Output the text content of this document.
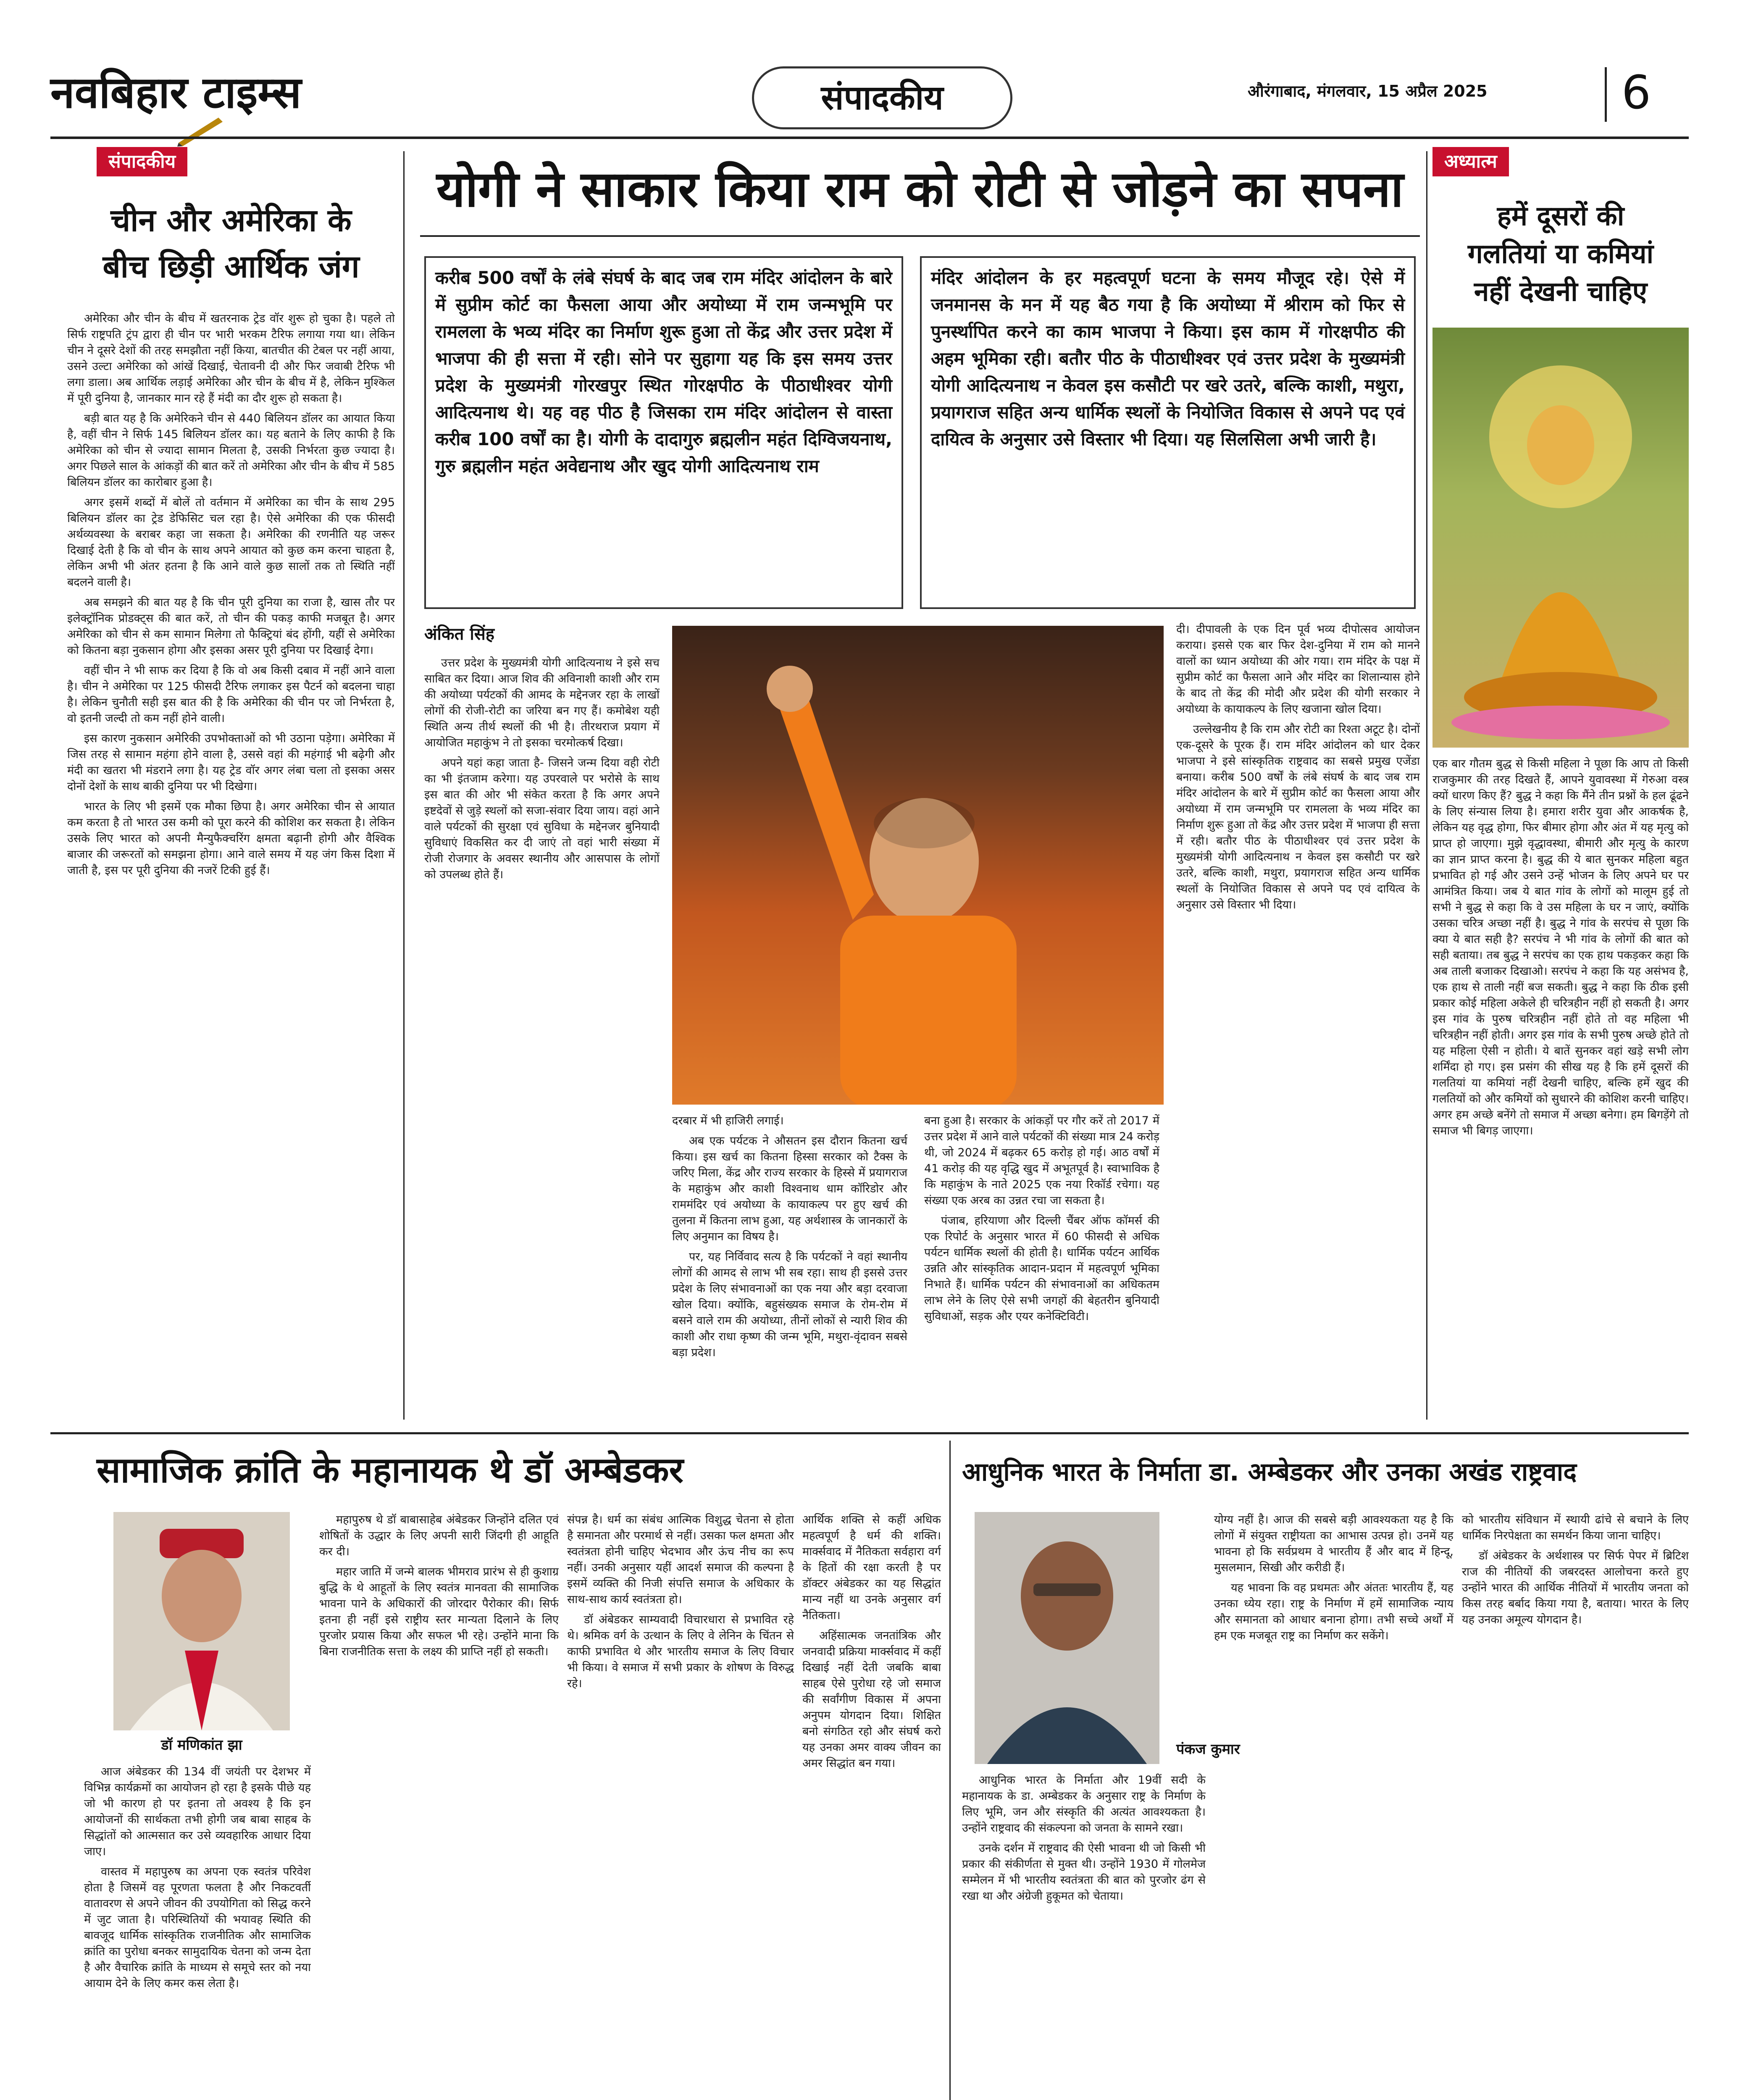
नवबिहार टाइम्स	संपादकीय	औरंगाबाद, मंगलवार, 15 अप्रैल 2025	6
संपादकीय
चीन और अमेरिका के
बीच छिड़ी आर्थिक जंग

अमेरिका और चीन के बीच में खतरनाक ट्रेड वॉर शुरू हो चुका है। पहले तो सिर्फ राष्ट्रपति ट्रंप द्वारा ही चीन पर भारी भरकम टैरिफ लगाया गया था। लेकिन चीन ने दूसरे देशों की तरह समझौता नहीं किया, बातचीत की टेबल पर नहीं आया, उसने उल्टा अमेरिका को आंखें दिखाई, चेतावनी दी और फिर जवाबी टैरिफ भी लगा डाला। अब आर्थिक लड़ाई अमेरिका और चीन के बीच में है, लेकिन मुश्किल में पूरी दुनिया है, जानकार मान रहे हैं मंदी का दौर शुरू हो सकता है।

बड़ी बात यह है कि अमेरिकने चीन से 440 बिलियन डॉलर का आयात किया है, वहीं चीन ने सिर्फ 145 बिलियन डॉलर का। यह बताने के लिए काफी है कि अमेरिका को चीन से ज्यादा सामान मिलता है, उसकी निर्भरता कुछ ज्यादा है। अगर पिछले साल के आंकड़ों की बात करें तो अमेरिका और चीन के बीच में 585 बिलियन डॉलर का कारोबार हुआ है।

अगर इसमें शब्दों में बोलें तो वर्तमान में अमेरिका का चीन के साथ 295 बिलियन डॉलर का ट्रेड डेफिसिट चल रहा है। ऐसे अमेरिका की एक फीसदी अर्थव्यवस्था के बराबर कहा जा सकता है। अमेरिका की रणनीति यह जरूर दिखाई देती है कि वो चीन के साथ अपने आयात को कुछ कम करना चाहता है, लेकिन अभी भी अंतर हतना है कि आने वाले कुछ सालों तक तो स्थिति नहीं बदलने वाली है।

अब समझने की बात यह है कि चीन पूरी दुनिया का राजा है, खास तौर पर इलेक्ट्रॉनिक प्रोडक्ट्स की बात करें, तो चीन की पकड़ काफी मजबूत है। अगर अमेरिका को चीन से कम सामान मिलेगा तो फैक्ट्रियां बंद होंगी, यहीं से अमेरिका को कितना बड़ा नुकसान होगा और इसका असर पूरी दुनिया पर दिखाई देगा।

वहीं चीन ने भी साफ कर दिया है कि वो अब किसी दबाव में नहीं आने वाला है। चीन ने अमेरिका पर 125 फीसदी टैरिफ लगाकर इस पैटर्न को बदलना चाहा है। लेकिन चुनौती सही इस बात की है कि अमेरिका की चीन पर जो निर्भरता है, वो इतनी जल्दी तो कम नहीं होने वाली।

इस कारण नुकसान अमेरिकी उपभोक्ताओं को भी उठाना पड़ेगा। अमेरिका में जिस तरह से सामान महंगा होने वाला है, उससे वहां की महंगाई भी बढ़ेगी और मंदी का खतरा भी मंडराने लगा है। यह ट्रेड वॉर अगर लंबा चला तो इसका असर दोनों देशों के साथ बाकी दुनिया पर भी दिखेगा।

भारत के लिए भी इसमें एक मौका छिपा है। अगर अमेरिका चीन से आयात कम करता है तो भारत उस कमी को पूरा करने की कोशिश कर सकता है। लेकिन उसके लिए भारत को अपनी मैन्युफैक्चरिंग क्षमता बढ़ानी होगी और वैश्विक बाजार की जरूरतों को समझना होगा। आने वाले समय में यह जंग किस दिशा में जाती है, इस पर पूरी दुनिया की नजरें टिकी हुई हैं।

योगी ने साकार किया राम को रोटी से जोड़ने का सपना
करीब 500 वर्षों के लंबे संघर्ष के बाद जब राम मंदिर आंदोलन के बारे में सुप्रीम कोर्ट का फैसला आया और अयोध्या में राम जन्मभूमि पर रामलला के भव्य मंदिर का निर्माण शुरू हुआ तो केंद्र और उत्तर प्रदेश में भाजपा की ही सत्ता में रही। सोने पर सुहागा यह कि इस समय उत्तर प्रदेश के मुख्यमंत्री गोरखपुर स्थित गोरक्षपीठ के पीठाधीश्वर योगी आदित्यनाथ थे। यह वह पीठ है जिसका राम मंदिर आंदोलन से वास्ता करीब 100 वर्षों का है। योगी के दादागुरु ब्रह्मलीन महंत दिग्विजयनाथ, गुरु ब्रह्मलीन महंत अवेद्यनाथ और खुद योगी आदित्यनाथ राम
मंदिर आंदोलन के हर महत्वपूर्ण घटना के समय मौजूद रहे। ऐसे में जनमानस के मन में यह बैठ गया है कि अयोध्या में श्रीराम को फिर से पुनर्स्थापित करने का काम भाजपा ने किया। इस काम में गोरक्षपीठ की अहम भूमिका रही। बतौर पीठ के पीठाधीश्वर एवं उत्तर प्रदेश के मुख्यमंत्री योगी आदित्यनाथ न केवल इस कसौटी पर खरे उतरे, बल्कि काशी, मथुरा, प्रयागराज सहित अन्य धार्मिक स्थलों के नियोजित विकास से अपने पद एवं दायित्व के अनुसार उसे विस्तार भी दिया। यह सिलसिला अभी जारी है।
अंकित सिंह

उत्तर प्रदेश के मुख्यमंत्री योगी आदित्यनाथ ने इसे सच साबित कर दिया। आज शिव की अविनाशी काशी और राम की अयोध्या पर्यटकों की आमद के मद्देनजर रहा के लाखों लोगों की रोजी-रोटी का जरिया बन गए हैं। कमोबेश यही स्थिति अन्य तीर्थ स्थलों की भी है। तीरथराज प्रयाग में आयोजित महाकुंभ ने तो इसका चरमोत्कर्ष दिखा।

अपने यहां कहा जाता है- जिसने जन्म दिया वही रोटी का भी इंतजाम करेगा। यह उपरवाले पर भरोसे के साथ इस बात की ओर भी संकेत करता है कि अगर अपने इष्टदेवों से जुड़े स्थलों को सजा-संवार दिया जाय। वहां आने वाले पर्यटकों की सुरक्षा एवं सुविधा के मद्देनजर बुनियादी सुविधाएं विकसित कर दी जाएं तो वहां भारी संख्या में रोजी रोजगार के अवसर स्थानीय और आसपास के लोगों को उपलब्ध होते हैं।

दरबार में भी हाजिरी लगाई।

अब एक पर्यटक ने औसतन इस दौरान कितना खर्च किया। इस खर्च का कितना हिस्सा सरकार को टैक्स के जरिए मिला, केंद्र और राज्य सरकार के हिस्से में प्रयागराज के महाकुंभ और काशी विश्वनाथ धाम कॉरिडोर और राममंदिर एवं अयोध्या के कायाकल्प पर हुए खर्च की तुलना में कितना लाभ हुआ, यह अर्थशास्त्र के जानकारों के लिए अनुमान का विषय है।

पर, यह निर्विवाद सत्य है कि पर्यटकों ने वहां स्थानीय लोगों की आमद से लाभ भी सब रहा। साथ ही इससे उत्तर प्रदेश के लिए संभावनाओं का एक नया और बड़ा दरवाजा खोल दिया। क्योंकि, बहुसंख्यक समाज के रोम-रोम में बसने वाले राम की अयोध्या, तीनों लोकों से न्यारी शिव की काशी और राधा कृष्ण की जन्म भूमि, मथुरा-वृंदावन सबसे बड़ा प्रदेश।

बना हुआ है। सरकार के आंकड़ों पर गौर करें तो 2017 में उत्तर प्रदेश में आने वाले पर्यटकों की संख्या मात्र 24 करोड़ थी, जो 2024 में बढ़कर 65 करोड़ हो गई। आठ वर्षों में 41 करोड़ की यह वृद्धि खुद में अभूतपूर्व है। स्वाभाविक है कि महाकुंभ के नाते 2025 एक नया रिकॉर्ड रचेगा। यह संख्या एक अरब का उन्नत रचा जा सकता है।

पंजाब, हरियाणा और दिल्ली चैंबर ऑफ कॉमर्स की एक रिपोर्ट के अनुसार भारत में 60 फीसदी से अधिक पर्यटन धार्मिक स्थलों की होती है। धार्मिक पर्यटन आर्थिक उन्नति और सांस्कृतिक आदान-प्रदान में महत्वपूर्ण भूमिका निभाते हैं। धार्मिक पर्यटन की संभावनाओं का अधिकतम लाभ लेने के लिए ऐसे सभी जगहों की बेहतरीन बुनियादी सुविधाओं, सड़क और एयर कनेक्टिविटी।

दी। दीपावली के एक दिन पूर्व भव्य दीपोत्सव आयोजन कराया। इससे एक बार फिर देश-दुनिया में राम को मानने वालों का ध्यान अयोध्या की ओर गया। राम मंदिर के पक्ष में सुप्रीम कोर्ट का फैसला आने और मंदिर का शिलान्यास होने के बाद तो केंद्र की मोदी और प्रदेश की योगी सरकार ने अयोध्या के कायाकल्प के लिए खजाना खोल दिया।

उल्लेखनीय है कि राम और रोटी का रिश्ता अटूट है। दोनों एक-दूसरे के पूरक हैं। राम मंदिर आंदोलन को धार देकर भाजपा ने इसे सांस्कृतिक राष्ट्रवाद का सबसे प्रमुख एजेंडा बनाया। करीब 500 वर्षों के लंबे संघर्ष के बाद जब राम मंदिर आंदोलन के बारे में सुप्रीम कोर्ट का फैसला आया और अयोध्या में राम जन्मभूमि पर रामलला के भव्य मंदिर का निर्माण शुरू हुआ तो केंद्र और उत्तर प्रदेश में भाजपा ही सत्ता में रही। बतौर पीठ के पीठाधीश्वर एवं उत्तर प्रदेश के मुख्यमंत्री योगी आदित्यनाथ न केवल इस कसौटी पर खरे उतरे, बल्कि काशी, मथुरा, प्रयागराज सहित अन्य धार्मिक स्थलों के नियोजित विकास से अपने पद एवं दायित्व के अनुसार उसे विस्तार भी दिया।

अध्यात्म
हमें दूसरों की
गलतियां या कमियां
नहीं देखनी चाहिए
एक बार गौतम बुद्ध से किसी महिला ने पूछा कि आप तो किसी राजकुमार की तरह दिखते हैं, आपने युवावस्था में गेरुआ वस्त्र क्यों धारण किए हैं? बुद्ध ने कहा कि मैंने तीन प्रश्नों के हल ढूंढने के लिए संन्यास लिया है। हमारा शरीर युवा और आकर्षक है, लेकिन यह वृद्ध होगा, फिर बीमार होगा और अंत में यह मृत्यु को प्राप्त हो जाएगा। मुझे वृद्धावस्था, बीमारी और मृत्यु के कारण का ज्ञान प्राप्त करना है। बुद्ध की ये बात सुनकर महिला बहुत प्रभावित हो गई और उसने उन्हें भोजन के लिए अपने घर पर आमंत्रित किया। जब ये बात गांव के लोगों को मालूम हुई तो सभी ने बुद्ध से कहा कि वे उस महिला के घर न जाएं, क्योंकि उसका चरित्र अच्छा नहीं है। बुद्ध ने गांव के सरपंच से पूछा कि क्या ये बात सही है? सरपंच ने भी गांव के लोगों की बात को सही बताया। तब बुद्ध ने सरपंच का एक हाथ पकड़कर कहा कि अब ताली बजाकर दिखाओ। सरपंच ने कहा कि यह असंभव है, एक हाथ से ताली नहीं बज सकती। बुद्ध ने कहा कि ठीक इसी प्रकार कोई महिला अकेले ही चरित्रहीन नहीं हो सकती है। अगर इस गांव के पुरुष चरित्रहीन नहीं होते तो वह महिला भी चरित्रहीन नहीं होती। अगर इस गांव के सभी पुरुष अच्छे होते तो यह महिला ऐसी न होती। ये बातें सुनकर वहां खड़े सभी लोग शर्मिंदा हो गए। इस प्रसंग की सीख यह है कि हमें दूसरों की गलतियां या कमियां नहीं देखनी चाहिए, बल्कि हमें खुद की गलतियों को और कमियों को सुधारने की कोशिश करनी चाहिए। अगर हम अच्छे बनेंगे तो समाज में अच्छा बनेगा। हम बिगड़ेंगे तो समाज भी बिगड़ जाएगा।
सामाजिक क्रांति के महानायक थे डॉ अम्बेडकर
डॉ मणिकांत झा

आज अंबेडकर की 134 वीं जयंती पर देशभर में विभिन्न कार्यक्रमों का आयोजन हो रहा है इसके पीछे यह जो भी कारण हो पर इतना तो अवश्य है कि इन आयोजनों की सार्थकता तभी होगी जब बाबा साहब के सिद्धांतों को आत्मसात कर उसे व्यवहारिक आधार दिया जाए।

वास्तव में महापुरुष का अपना एक स्वतंत्र परिवेश होता है जिसमें वह पूरणता फलता है और निकटवर्ती वातावरण से अपने जीवन की उपयोगिता को सिद्ध करने में जुट जाता है। परिस्थितियों की भयावह स्थिति की बावजूद धार्मिक सांस्कृतिक राजनीतिक और सामाजिक क्रांति का पुरोधा बनकर सामुदायिक चेतना को जन्म देता है और वैचारिक क्रांति के माध्यम से समूचे स्तर को नया आयाम देने के लिए कमर कस लेता है।

महापुरुष थे डॉ बाबासाहेब अंबेडकर जिन्होंने दलित एवं शोषितों के उद्धार के लिए अपनी सारी जिंदगी ही आहूति कर दी।

महार जाति में जन्मे बालक भीमराव प्रारंभ से ही कुशाग्र बुद्धि के थे आहूतों के लिए स्वतंत्र मानवता की सामाजिक भावना पाने के अधिकारों की जोरदार पैरोकार की। सिर्फ इतना ही नहीं इसे राष्ट्रीय स्तर मान्यता दिलाने के लिए पुरजोर प्रयास किया और सफल भी रहे। उन्होंने माना कि बिना राजनीतिक सत्ता के लक्ष्य की प्राप्ति नहीं हो सकती।

संपन्न है। धर्म का संबंध आत्मिक विशुद्ध चेतना से होता है समानता और परमार्थ से नहीं। उसका फल क्षमता और स्वतंत्रता होनी चाहिए भेदभाव और ऊंच नीच का रूप नहीं। उनकी अनुसार यहीं आदर्श समाज की कल्पना है इसमें व्यक्ति की निजी संपत्ति समाज के अधिकार के साथ-साथ कार्य स्वतंत्रता हो।

डॉ अंबेडकर साम्यवादी विचारधारा से प्रभावित रहे थे। श्रमिक वर्ग के उत्थान के लिए वे लेनिन के चिंतन से काफी प्रभावित थे और भारतीय समाज के लिए विचार भी किया। वे समाज में सभी प्रकार के शोषण के विरुद्ध रहे।

आर्थिक शक्ति से कहीं अधिक महत्वपूर्ण है धर्म की शक्ति। मार्क्सवाद में नैतिकता सर्वहारा वर्ग के हितों की रक्षा करती है पर डॉक्टर अंबेडकर का यह सिद्धांत मान्य नहीं था उनके अनुसार वर्ग नैतिकता।

अहिंसात्मक जनतांत्रिक और जनवादी प्रक्रिया मार्क्सवाद में कहीं दिखाई नहीं देती जबकि बाबा साहब ऐसे पुरोधा रहे जो समाज की सर्वांगीण विकास में अपना अनुपम योगदान दिया। शिक्षित बनो संगठित रहो और संघर्ष करो यह उनका अमर वाक्य जीवन का अमर सिद्धांत बन गया।

आधुनिक भारत के निर्माता डा. अम्बेडकर और उनका अखंड राष्ट्रवाद
पंकज कुमार

आधुनिक भारत के निर्माता और 19वीं सदी के महानायक के डा. अम्बेडकर के अनुसार राष्ट्र के निर्माण के लिए भूमि, जन और संस्कृति की अत्यंत आवश्यकता है। उन्होंने राष्ट्रवाद की संकल्पना को जनता के सामने रखा।

उनके दर्शन में राष्ट्रवाद की ऐसी भावना थी जो किसी भी प्रकार की संकीर्णता से मुक्त थी। उन्होंने 1930 में गोलमेज सम्मेलन में भी भारतीय स्वतंत्रता की बात को पुरजोर ढंग से रखा था और अंग्रेजी हुकूमत को चेताया।

योग्य नहीं है। आज की सबसे बड़ी आवश्यकता यह है कि लोगों में संयुक्त राष्ट्रीयता का आभास उत्पन्न हो। उनमें यह भावना हो कि सर्वप्रथम वे भारतीय हैं और बाद में हिन्दू, मुसलमान, सिखी और करीडी हैं।

यह भावना कि वह प्रथमतः और अंततः भारतीय हैं, यह उनका ध्येय रहा। राष्ट्र के निर्माण में हमें सामाजिक न्याय और समानता को आधार बनाना होगा। तभी सच्चे अर्थों में हम एक मजबूत राष्ट्र का निर्माण कर सकेंगे।

को भारतीय संविधान में स्थायी ढांचे से बचाने के लिए धार्मिक निरपेक्षता का समर्थन किया जाना चाहिए।

डॉ अंबेडकर के अर्थशास्त्र पर सिर्फ पेपर में ब्रिटिश राज की नीतियों की जबरदस्त आलोचना करते हुए उन्होंने भारत की आर्थिक नीतियों में भारतीय जनता को किस तरह बर्बाद किया गया है, बताया। भारत के लिए यह उनका अमूल्य योगदान है।
